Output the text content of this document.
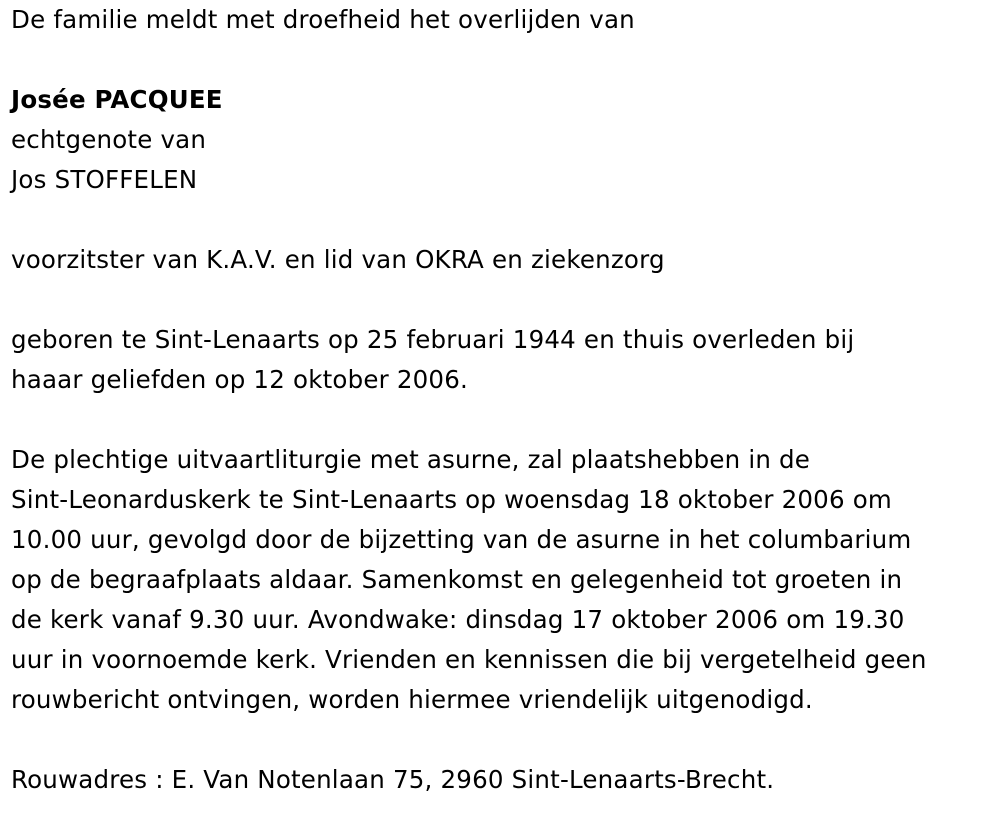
De familie meldt met droefheid het overlijden van
Josée PACQUEE
echtgenote van
Jos STOFFELEN
voorzitster van K.A.V. en lid van OKRA en ziekenzorg
geboren te Sint-Lenaarts op 25 februari 1944 en thuis overleden bij
haaar geliefden op 12 oktober 2006.
De plechtige uitvaartliturgie met asurne, zal plaatshebben in de
Sint-Leonarduskerk te Sint-Lenaarts op woensdag 18 oktober 2006 om
10.00 uur, gevolgd door de bijzetting van de asurne in het columbarium
op de begraafplaats aldaar. Samenkomst en gelegenheid tot groeten in
de kerk vanaf 9.30 uur. Avondwake: dinsdag 17 oktober 2006 om 19.30
uur in voornoemde kerk. Vrienden en kennissen die bij vergetelheid geen
rouwbericht ontvingen, worden hiermee vriendelijk uitgenodigd.
Rouwadres : E. Van Notenlaan 75, 2960 Sint-Lenaarts-Brecht.
